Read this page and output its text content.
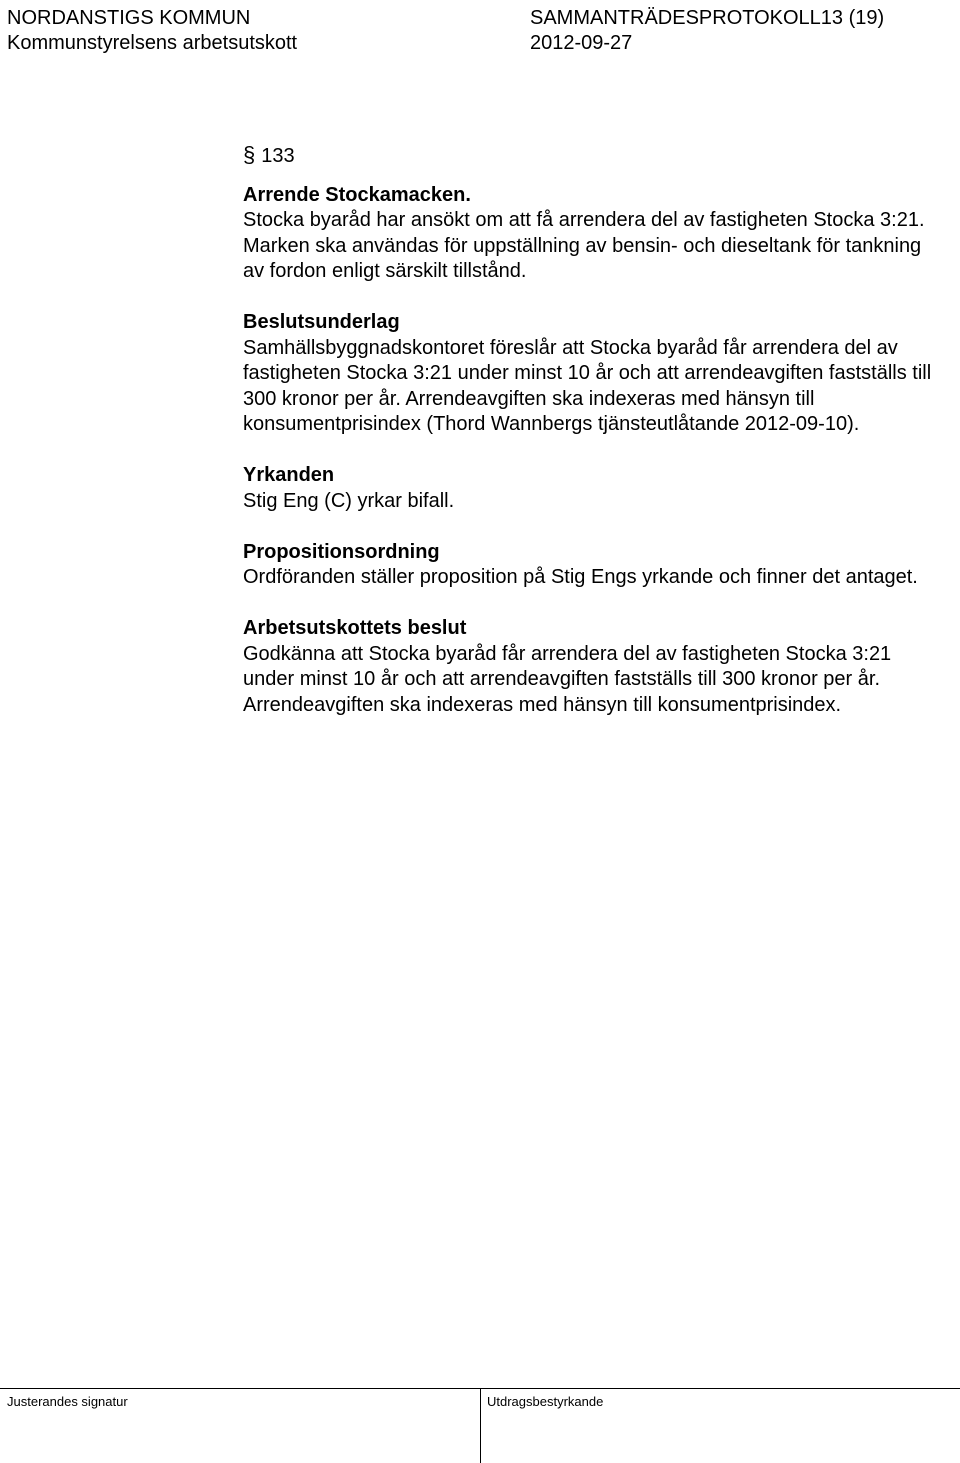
NORDANSTIGS KOMMUN
Kommunstyrelsens arbetsutskott
SAMMANTRÄDESPROTOKOLL13 (19)
2012-09-27

§ 133

Arrende Stockamacken.

Stocka byaråd har ansökt om att få arrendera del av fastigheten Stocka 3:21. Marken ska användas för uppställning av bensin- och dieseltank för tankning av fordon enligt särskilt tillstånd.

Beslutsunderlag

Samhällsbyggnadskontoret föreslår att Stocka byaråd får arrendera del av fastigheten Stocka 3:21 under minst 10 år och att arrendeavgiften fastställs till 300 kronor per år. Arrendeavgiften ska indexeras med hänsyn till konsumentprisindex (Thord Wannbergs tjänsteutlåtande 2012-09-10).

Yrkanden

Stig Eng (C) yrkar bifall.

Propositionsordning

Ordföranden ställer proposition på Stig Engs yrkande och finner det antaget.

Arbetsutskottets beslut

Godkänna att Stocka byaråd får arrendera del av fastigheten Stocka 3:21 under minst 10 år och att arrendeavgiften fastställs till 300 kronor per år. Arrendeavgiften ska indexeras med hänsyn till konsumentprisindex.

Justerandes signatur	Utdragsbestyrkande
